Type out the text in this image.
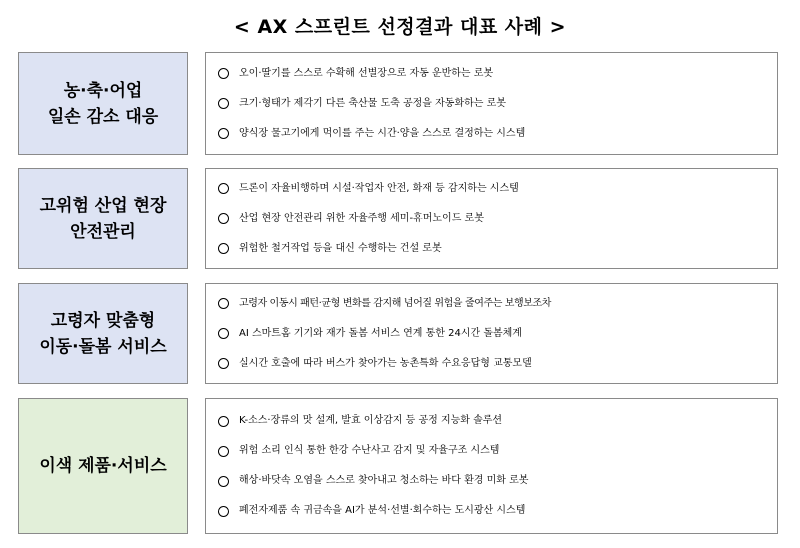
< AX 스프린트 선정결과 대표 사례 >
농·축·어업
일손 감소 대응
오이·딸기를 스스로 수확해 선별장으로 자동 운반하는 로봇
크기·형태가 제각기 다른 축산물 도축 공정을 자동화하는 로봇
양식장 물고기에게 먹이를 주는 시간·양을 스스로 결정하는 시스템
고위험 산업 현장
안전관리
드론이 자율비행하며 시설·작업자 안전, 화재 등 감지하는 시스템
산업 현장 안전관리 위한 자율주행 세미-휴머노이드 로봇
위험한 철거작업 등을 대신 수행하는 건설 로봇
고령자 맞춤형
이동·돌봄 서비스
고령자 이동시 패턴·균형 변화를 감지해 넘어질 위험을 줄여주는 보행보조차
AI 스마트홈 기기와 재가 돌봄 서비스 연계 통한 24시간 돌봄체계
실시간 호출에 따라 버스가 찾아가는 농촌특화 수요응답형 교통모델
이색 제품·서비스
K-소스·장류의 맛 설계, 발효 이상감지 등 공정 지능화 솔루션
위험 소리 인식 통한 한강 수난사고 감지 및 자율구조 시스템
해상·바닷속 오염을 스스로 찾아내고 청소하는 바다 환경 미화 로봇
폐전자제품 속 귀금속을 AI가 분석·선별·회수하는 도시광산 시스템
